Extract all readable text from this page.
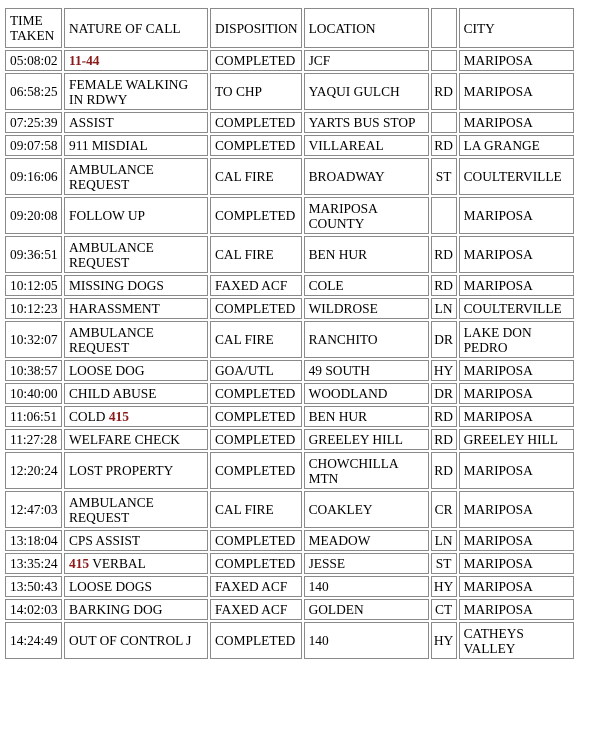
TIME TAKEN	NATURE OF CALL	DISPOSITION	LOCATION		CITY
05:08:02	11-44	COMPLETED	JCF		MARIPOSA
06:58:25	FEMALE WALKING IN RDWY	TO CHP	YAQUI GULCH	RD	MARIPOSA
07:25:39	ASSIST	COMPLETED	YARTS BUS STOP		MARIPOSA
09:07:58	911 MISDIAL	COMPLETED	VILLAREAL	RD	LA GRANGE
09:16:06	AMBULANCE REQUEST	CAL FIRE	BROADWAY	ST	COULTERVILLE
09:20:08	FOLLOW UP	COMPLETED	MARIPOSA COUNTY		MARIPOSA
09:36:51	AMBULANCE REQUEST	CAL FIRE	BEN HUR	RD	MARIPOSA
10:12:05	MISSING DOGS	FAXED ACF	COLE	RD	MARIPOSA
10:12:23	HARASSMENT	COMPLETED	WILDROSE	LN	COULTERVILLE
10:32:07	AMBULANCE REQUEST	CAL FIRE	RANCHITO	DR	LAKE DON PEDRO
10:38:57	LOOSE DOG	GOA/UTL	49 SOUTH	HY	MARIPOSA
10:40:00	CHILD ABUSE	COMPLETED	WOODLAND	DR	MARIPOSA
11:06:51	COLD 415	COMPLETED	BEN HUR	RD	MARIPOSA
11:27:28	WELFARE CHECK	COMPLETED	GREELEY HILL	RD	GREELEY HILL
12:20:24	LOST PROPERTY	COMPLETED	CHOWCHILLA MTN	RD	MARIPOSA
12:47:03	AMBULANCE REQUEST	CAL FIRE	COAKLEY	CR	MARIPOSA
13:18:04	CPS ASSIST	COMPLETED	MEADOW	LN	MARIPOSA
13:35:24	415 VERBAL	COMPLETED	JESSE	ST	MARIPOSA
13:50:43	LOOSE DOGS	FAXED ACF	140	HY	MARIPOSA
14:02:03	BARKING DOG	FAXED ACF	GOLDEN	CT	MARIPOSA
14:24:49	OUT OF CONTROL J	COMPLETED	140	HY	CATHEYS VALLEY
